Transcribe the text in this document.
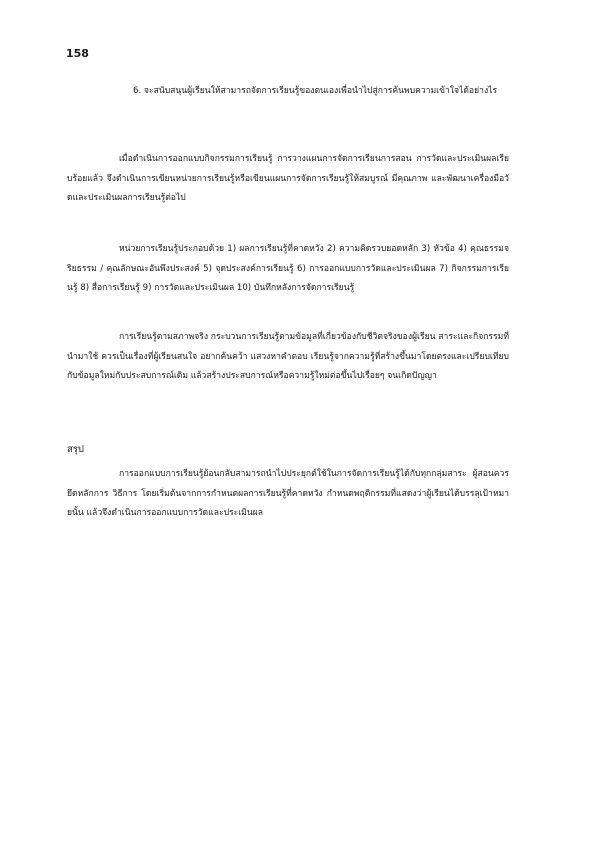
158

6. จะสนับสนุนผู้เรียนให้สามารถจัดการเรียนรู้ของตนเองเพื่อนำไปสู่การค้นพบความเข้าใจได้อย่างไร

เมื่อดำเนินการออกแบบกิจกรรมการเรียนรู้ การวางแผนการจัดการเรียนการสอน การวัดและประเมินผลเรียบร้อยแล้ว จึงดำเนินการเขียนหน่วยการเรียนรู้หรือเขียนแผนการจัดการเรียนรู้ให้สมบูรณ์ มีคุณภาพ และพัฒนาเครื่องมือวัดและประเมินผลการเรียนรู้ต่อไป

หน่วยการเรียนรู้ประกอบด้วย 1) ผลการเรียนรู้ที่คาดหวัง 2) ความคิดรวบยอดหลัก 3) หัวข้อ 4) คุณธรรมจริยธรรม / คุณลักษณะอันพึงประสงค์ 5) จุดประสงค์การเรียนรู้ 6) การออกแบบการวัดและประเมินผล 7) กิจกรรมการเรียนรู้ 8) สื่อการเรียนรู้ 9) การวัดและประเมินผล 10) บันทึกหลังการจัดการเรียนรู้

การเรียนรู้ตามสภาพจริง กระบวนการเรียนรู้ตามข้อมูลที่เกี่ยวข้องกับชีวิตจริงของผู้เรียน สาระและกิจกรรมที่นำมาใช้ ควรเป็นเรื่องที่ผู้เรียนสนใจ อยากค้นคว้า แสวงหาคำตอบ เรียนรู้จากความรู้ที่สร้างขึ้นมาโดยตรงและเปรียบเทียบกับข้อมูลใหม่กับประสบการณ์เดิม แล้วสร้างประสบการณ์หรือความรู้ใหม่ต่อขึ้นไปเรื่อยๆ จนเกิดปัญญา

สรุป

การออกแบบการเรียนรู้ย้อนกลับสามารถนำไปประยุกต์ใช้ในการจัดการเรียนรู้ได้กับทุกกลุ่มสาระ ผู้สอนควรยึดหลักการ วิธีการ โดยเริ่มต้นจากการกำหนดผลการเรียนรู้ที่คาดหวัง กำหนดพฤติกรรมที่แสดงว่าผู้เรียนได้บรรลุเป้าหมายนั้น แล้วจึงดำเนินการออกแบบการวัดและประเมินผล
